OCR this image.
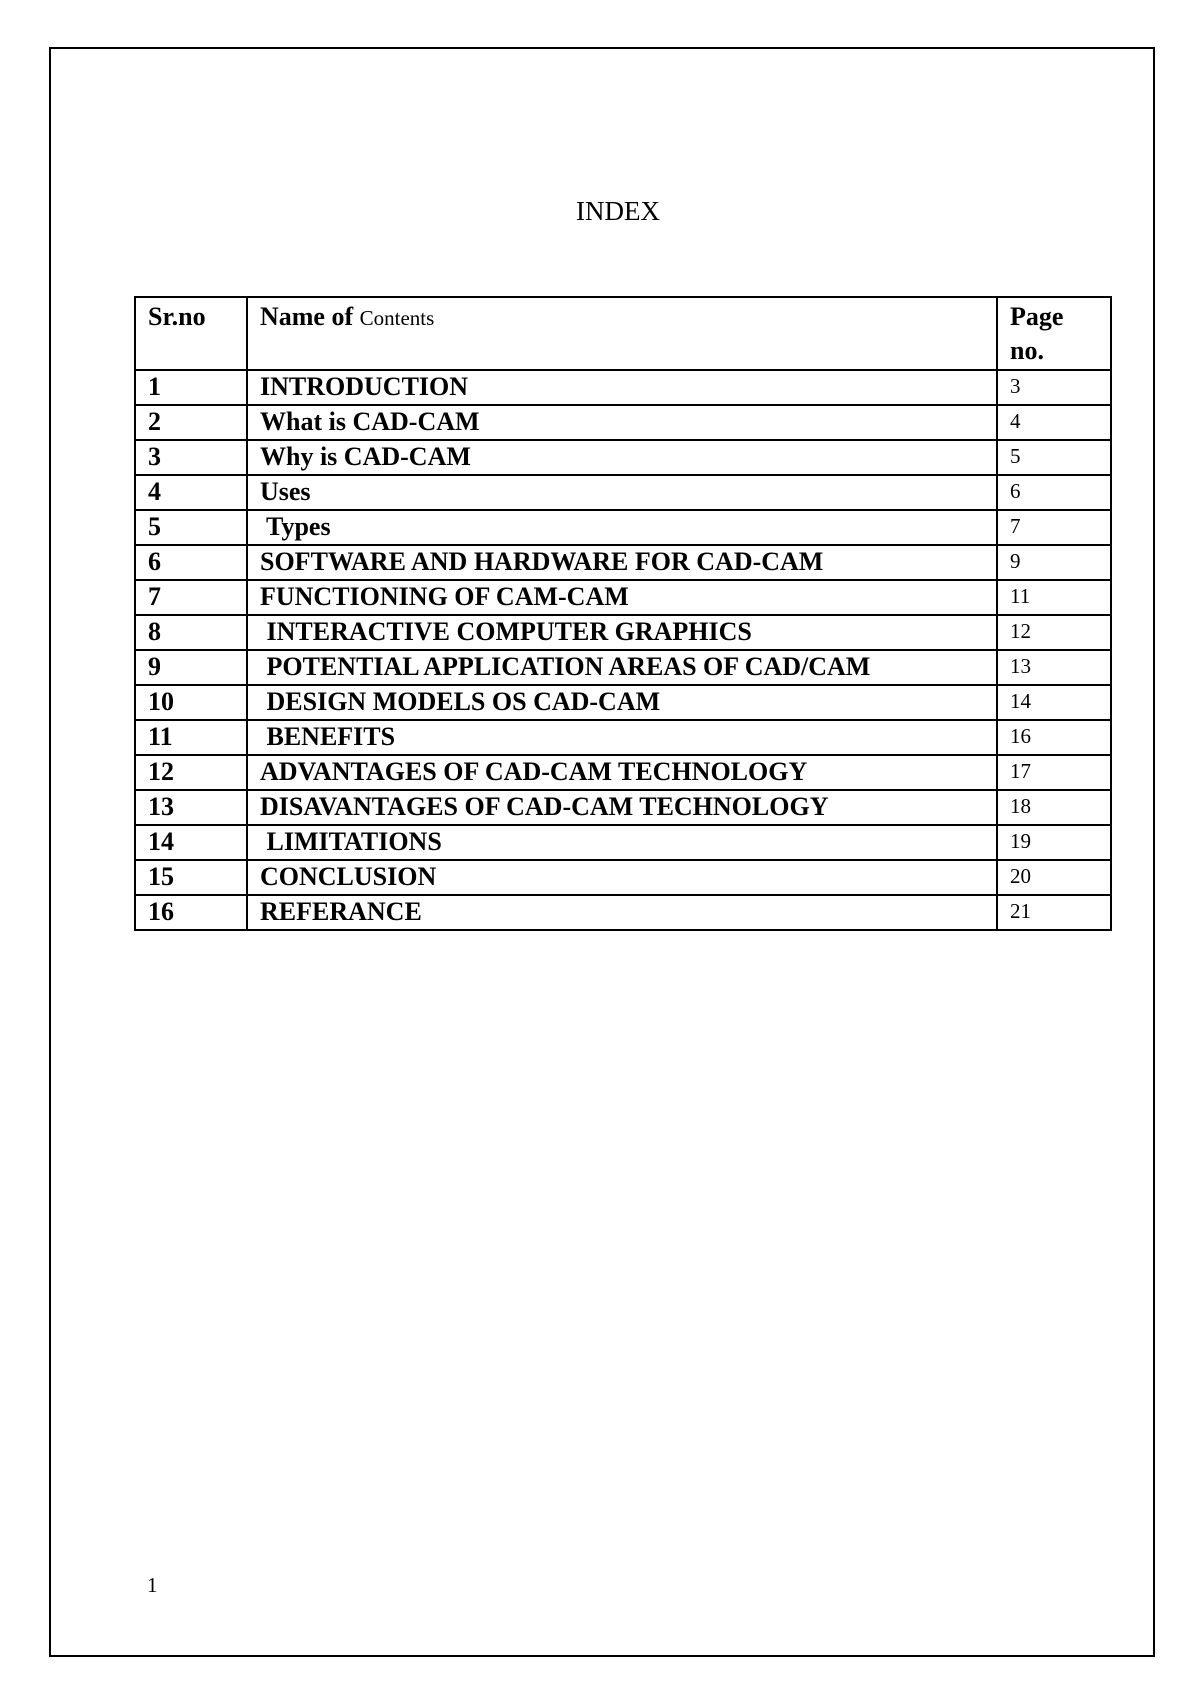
INDEX
Sr.no	Name of Contents	Page
no.
1	INTRODUCTION	3
2	What is CAD-CAM	4
3	Why is CAD-CAM	5
4	Uses	6
5	Types	7
6	SOFTWARE AND HARDWARE FOR CAD-CAM	9
7	FUNCTIONING OF CAM-CAM	11
8	INTERACTIVE COMPUTER GRAPHICS	12
9	POTENTIAL APPLICATION AREAS OF CAD/CAM	13
10	DESIGN MODELS OS CAD-CAM	14
11	BENEFITS	16
12	ADVANTAGES OF CAD-CAM TECHNOLOGY	17
13	DISAVANTAGES OF CAD-CAM TECHNOLOGY	18
14	LIMITATIONS	19
15	CONCLUSION	20
16	REFERANCE	21
1
